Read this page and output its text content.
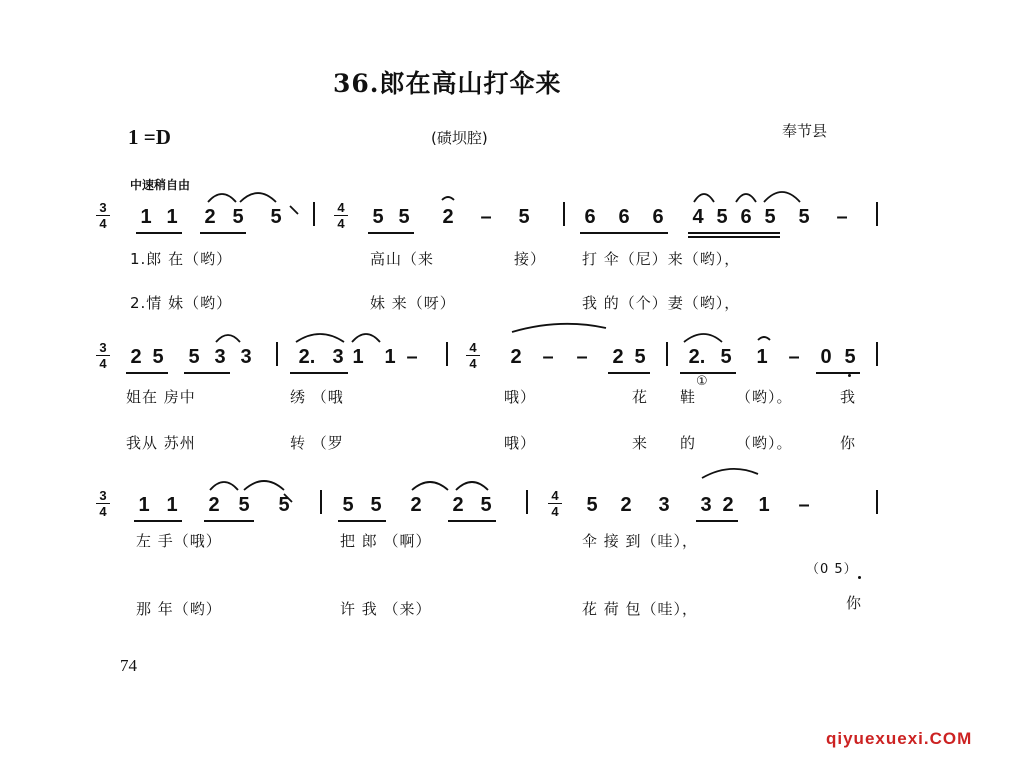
36.郎在高山打伞来
1 =D	(碛坝腔)	奉节县
中速稍自由
3
4 1 1 2 5 5	4
4 5 5 2 – 5	6 6 6 4 5 6 5 5 –
1.郎 在（哟）	高山（来	接） 打 伞（尼）来（哟），
2.情 妹（哟）	妹 来（呀）	我 的（个）妻（哟），
3
4 2 5 5 3 3	2. 3 1 1 –	4
4 2 – – 2 5	2. 5 1 – 0 5
姐在 房中	绣 （哦	哦）	花 鞋
①
（哟）。	我
我从 苏州	转 （罗	哦）	来 的	（哟）。	你
3
4 1 1 2 5 5	5 5 2 2 5	4
4 5 2 3 3 2 1 –
左 手（哦）	把 郎 （啊）	伞 接 到（哇），
（0 5）
那 年（哟）	许 我 （来）	花 荷 包（哇），	你
74
qiyuexuexi.COM
